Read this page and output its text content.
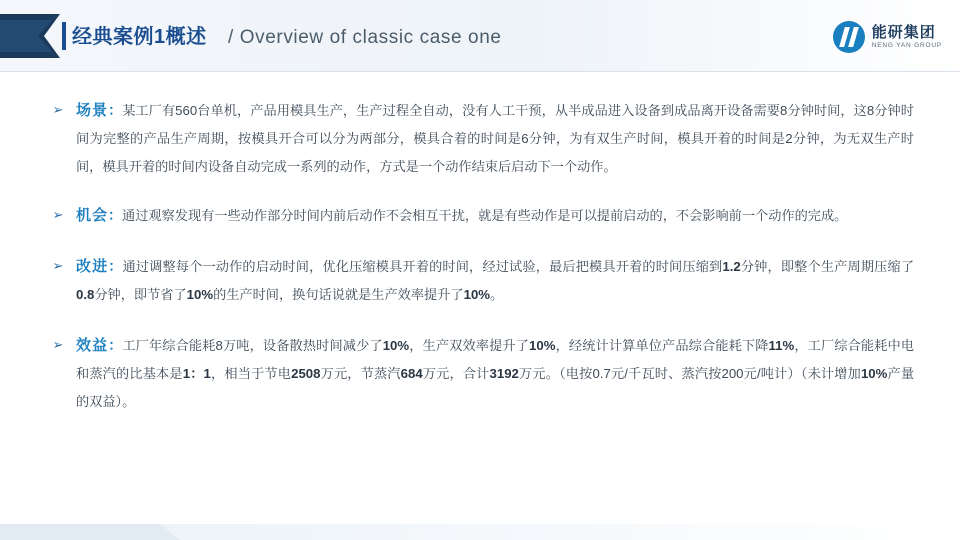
经典案例1概述 / Overview of classic case one	能研集团
NENG YAN GROUP

➢ 场景：某工厂有560台单机，产品用模具生产，生产过程全自动，没有人工干预，从半成品进入设备到成品离开设备需要8分钟时间，这8分钟时间为完整的产品生产周期，按模具开合可以分为两部分，模具合着的时间是6分钟，为有双生产时间，模具开着的时间是2分钟，为无双生产时间，模具开着的时间内设备自动完成一系列的动作，方式是一个动作结束后启动下一个动作。

➢ 机会：通过观察发现有一些动作部分时间内前后动作不会相互干扰，就是有些动作是可以提前启动的，不会影响前一个动作的完成。

➢ 改进：通过调整每个一动作的启动时间，优化压缩模具开着的时间，经过试验，最后把模具开着的时间压缩到1.2分钟，即整个生产周期压缩了0.8分钟，即节省了10%的生产时间，换句话说就是生产效率提升了10%。

➢ 效益：工厂年综合能耗8万吨，设备散热时间减少了10%，生产双效率提升了10%，经统计计算单位产品综合能耗下降11%，工厂综合能耗中电和蒸汽的比基本是1：1，相当于节电2508万元，节蒸汽684万元，合计3192万元。（电按0.7元/千瓦时、蒸汽按200元/吨计）（未计增加10%产量的双益）。
